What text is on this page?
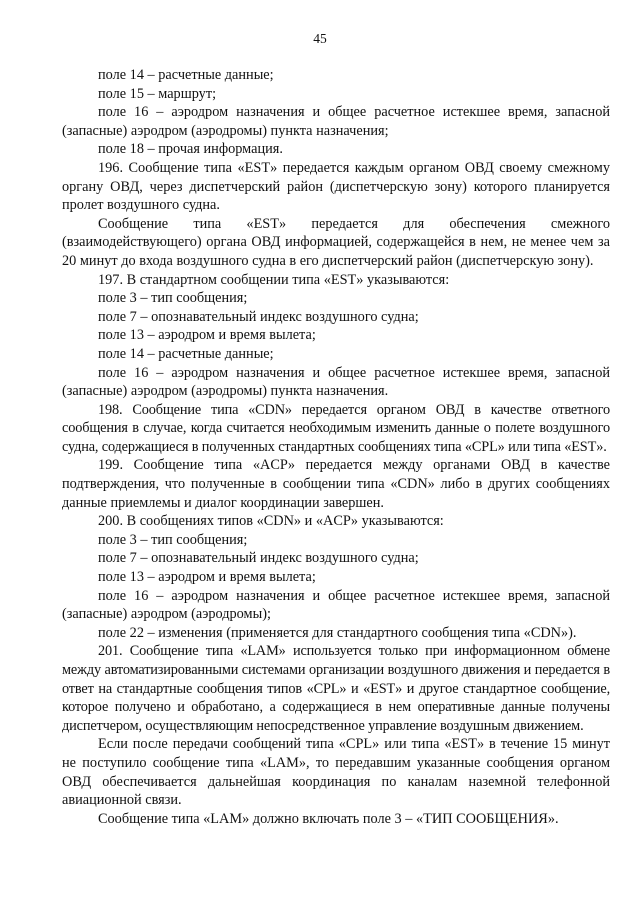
45

поле 14 – расчетные данные;

поле 15 – маршрут;

поле 16 – аэродром назначения и общее расчетное истекшее время, запасной (запасные) аэродром (аэродромы) пункта назначения;

поле 18 – прочая информация.

196. Сообщение типа «EST» передается каждым органом ОВД своему смежному органу ОВД, через диспетчерский район (диспетчерскую зону) которого планируется пролет воздушного судна.

Сообщение типа «EST» передается для обеспечения смежного (взаимодействующего) органа ОВД информацией, содержащейся в нем, не менее чем за 20 минут до входа воздушного судна в его диспетчерский район (диспетчерскую зону).

197. В стандартном сообщении типа «EST» указываются:

поле 3 – тип сообщения;

поле 7 – опознавательный индекс воздушного судна;

поле 13 – аэродром и время вылета;

поле 14 – расчетные данные;

поле 16 – аэродром назначения и общее расчетное истекшее время, запасной (запасные) аэродром (аэродромы) пункта назначения.

198. Сообщение типа «CDN» передается органом ОВД в качестве ответного сообщения в случае, когда считается необходимым изменить данные о полете воздушного судна, содержащиеся в полученных стандартных сообщениях типа «CPL» или типа «EST».

199. Сообщение типа «ACP» передается между органами ОВД в качестве подтверждения, что полученные в сообщении типа «CDN» либо в других сообщениях данные приемлемы и диалог координации завершен.

200. В сообщениях типов «CDN» и «ACP» указываются:

поле 3 – тип сообщения;

поле 7 – опознавательный индекс воздушного судна;

поле 13 – аэродром и время вылета;

поле 16 – аэродром назначения и общее расчетное истекшее время, запасной (запасные) аэродром (аэродромы);

поле 22 – изменения (применяется для стандартного сообщения типа «CDN»).

201. Сообщение типа «LAM» используется только при информационном обмене между автоматизированными системами организации воздушного движения и передается в ответ на стандартные сообщения типов «CPL» и «EST» и другое стандартное сообщение, которое получено и обработано, а содержащиеся в нем оперативные данные получены диспетчером, осуществляющим непосредственное управление воздушным движением.

Если после передачи сообщений типа «CPL» или типа «EST» в течение 15 минут не поступило сообщение типа «LAM», то передавшим указанные сообщения органом ОВД обеспечивается дальнейшая координация по каналам наземной телефонной авиационной связи.

Сообщение типа «LAM» должно включать поле 3 – «ТИП СООБЩЕНИЯ».
